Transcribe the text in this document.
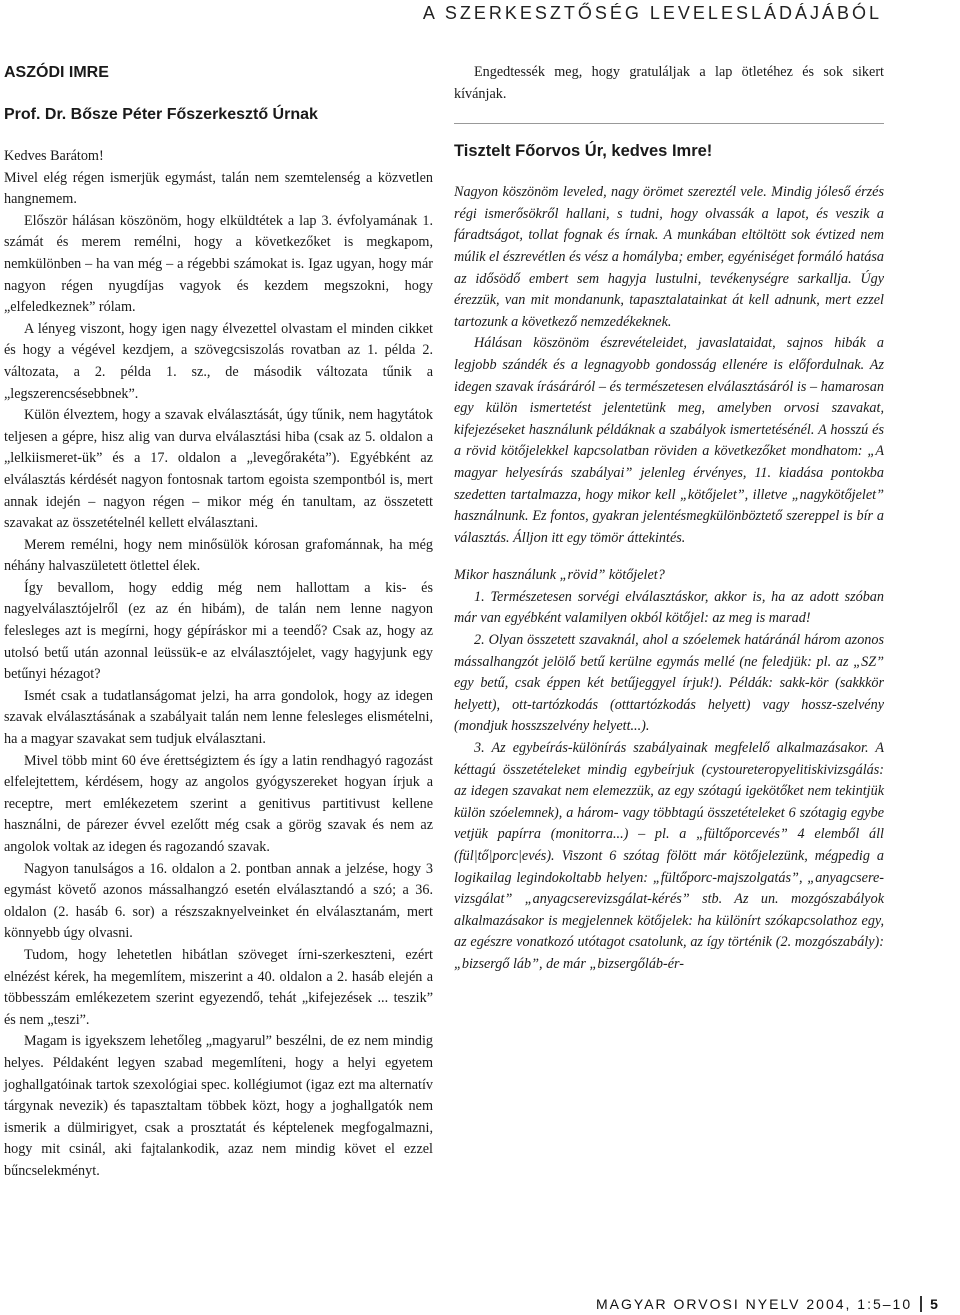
A SZERKESZTŐSÉG LEVELESLÁDÁJÁBÓL
ASZÓDI IMRE
Prof. Dr. Bősze Péter Főszerkesztő Úrnak

Kedves Barátom!

Mivel elég régen ismerjük egymást, talán nem szemtelenség a közvetlen hangnemem.

Először hálásan köszönöm, hogy elküldtétek a lap 3. évfolyamának 1. számát és merem remélni, hogy a következőket is megkapom, nemkülönben – ha van még – a régebbi számokat is. Igaz ugyan, hogy már nagyon régen nyugdíjas vagyok és kezdem megszokni, hogy „elfeledkeznek” rólam.

A lényeg viszont, hogy igen nagy élvezettel olvastam el minden cikket és hogy a végével kezdjem, a szövegcsiszolás rovatban az 1. példa 2. változata, a 2. példa 1. sz., de második változata tűnik a „legszerencsésebbnek”.

Külön élveztem, hogy a szavak elválasztását, úgy tűnik, nem hagytátok teljesen a gépre, hisz alig van durva elválasztási hiba (csak az 5. oldalon a „lelkiismeret-ük” és a 17. oldalon a „levegőrakéta”). Egyébként az elválasztás kérdését nagyon fontosnak tartom egoista szempontból is, mert annak idején – nagyon régen – mikor még én tanultam, az összetett szavakat az összetételnél kellett elválasztani.

Merem remélni, hogy nem minősülök kórosan grafománnak, ha még néhány halvaszületett ötlettel élek.

Így bevallom, hogy eddig még nem hallottam a kis- és nagyelválasztójelről (ez az én hibám), de talán nem lenne nagyon felesleges azt is megírni, hogy gépíráskor mi a teendő? Csak az, hogy az utolsó betű után azonnal leüssük-e az elválasztójelet, vagy hagyjunk egy betűnyi hézagot?

Ismét csak a tudatlanságomat jelzi, ha arra gondolok, hogy az idegen szavak elválasztásának a szabályait talán nem lenne felesleges elismételni, ha a magyar szavakat sem tudjuk elválasztani.

Mivel több mint 60 éve érettségiztem és így a latin rendhagyó ragozást elfelejtettem, kérdésem, hogy az angolos gyógyszereket hogyan írjuk a receptre, mert emlékezetem szerint a genitivus partitivust kellene használni, de párezer évvel ezelőtt még csak a görög szavak és nem az angolok voltak az idegen és ragozandó szavak.

Nagyon tanulságos a 16. oldalon a 2. pontban annak a jelzése, hogy 3 egymást követő azonos mássalhangzó esetén elválasztandó a szó; a 36. oldalon (2. hasáb 6. sor) a részszaknyelveinket én elválasztanám, mert könnyebb úgy olvasni.

Tudom, hogy lehetetlen hibátlan szöveget írni-szerkeszteni, ezért elnézést kérek, ha megemlítem, miszerint a 40. oldalon a 2. hasáb elején a többesszám emlékezetem szerint egyezendő, tehát „kifejezések ... teszik” és nem „teszi”.

Magam is igyekszem lehetőleg „magyarul” beszélni, de ez nem mindig helyes. Példaként legyen szabad megemlíteni, hogy a helyi egyetem joghallgatóinak tartok szexológiai spec. kollégiumot (igaz ezt ma alternatív tárgynak nevezik) és tapasztaltam többek közt, hogy a joghallgatók nem ismerik a dülmirigyet, csak a prosztatát és képtelenek megfogalmazni, hogy mit csinál, aki fajtalankodik, azaz nem mindig követ el ezzel bűncselekményt.

Engedtessék meg, hogy gratuláljak a lap ötletéhez és sok sikert kívánjak.

Tisztelt Főorvos Úr, kedves Imre!

Nagyon köszönöm leveled, nagy örömet szereztél vele. Mindig jóleső érzés régi ismerősökről hallani, s tudni, hogy olvassák a lapot, és veszik a fáradtságot, tollat fognak és írnak. A munkában eltöltött sok évtized nem múlik el észrevétlen és vész a homályba; ember, egyéniséget formáló hatása az idősödő embert sem hagyja lustulni, tevékenységre sarkallja. Úgy érezzük, van mit mondanunk, tapasztalatainkat át kell adnunk, mert ezzel tartozunk a következő nemzedékeknek.

Hálásan köszönöm észrevételeidet, javaslataidat, sajnos hibák a legjobb szándék és a legnagyobb gondosság ellenére is előfordulnak. Az idegen szavak írásáráról – és természetesen elválasztásáról is – hamarosan egy külön ismertetést jelentetünk meg, amelyben orvosi szavakat, kifejezéseket használunk példáknak a szabályok ismertetésénél. A hosszú és a rövid kötőjelekkel kapcsolatban röviden a következőket mondhatom: „A magyar helyesírás szabályai” jelenleg érvényes, 11. kiadása pontokba szedetten tartalmazza, hogy mikor kell „kötőjelet”, illetve „nagykötőjelet” használnunk. Ez fontos, gyakran jelentésmegkülönböztető szereppel is bír a választás. Álljon itt egy tömör áttekintés.

Mikor használunk „rövid” kötőjelet?

1. Természetesen sorvégi elválasztáskor, akkor is, ha az adott szóban már van egyébként valamilyen okból kötőjel: az meg is marad!

2. Olyan összetett szavaknál, ahol a szóelemek határánál három azonos mássalhangzót jelölő betű kerülne egymás mellé (ne feledjük: pl. az „SZ” egy betű, csak éppen két betűjeggyel írjuk!). Példák: sakk-kör (sakkkör helyett), ott-tartózkodás (otttartózkodás helyett) vagy hossz-szelvény (mondjuk hosszszelvény helyett...).

3. Az egybeírás-különírás szabályainak megfelelő alkalmazásakor. A kéttagú összetételeket mindig egybeírjuk (cystoureteropyelitiskivizsgálás: az idegen szavakat nem elemezzük, az egy szótagú igekötőket nem tekintjük külön szóelemnek), a három- vagy többtagú összetételeket 6 szótagig egybe vetjük papírra (monitorra...) – pl. a „fültőporcevés” 4 elemből áll (fül|tő|porc|evés). Viszont 6 szótag fölött már kötőjelezünk, mégpedig a logikailag legindokoltabb helyen: „fültőporc-majszolgatás”, „anyagcsere-vizsgálat” „anyagcserevizsgálat-kérés” stb. Az un. mozgószabályok alkalmazásakor is megjelennek kötőjelek: ha különírt szókapcsolathoz egy, az egészre vonatkozó utótagot csatolunk, az így történik (2. mozgószabály): „bizsergő láb”, de már „bizsergőláb-ér-

MAGYAR ORVOSI NYELV 2004, 1:5–10 5
